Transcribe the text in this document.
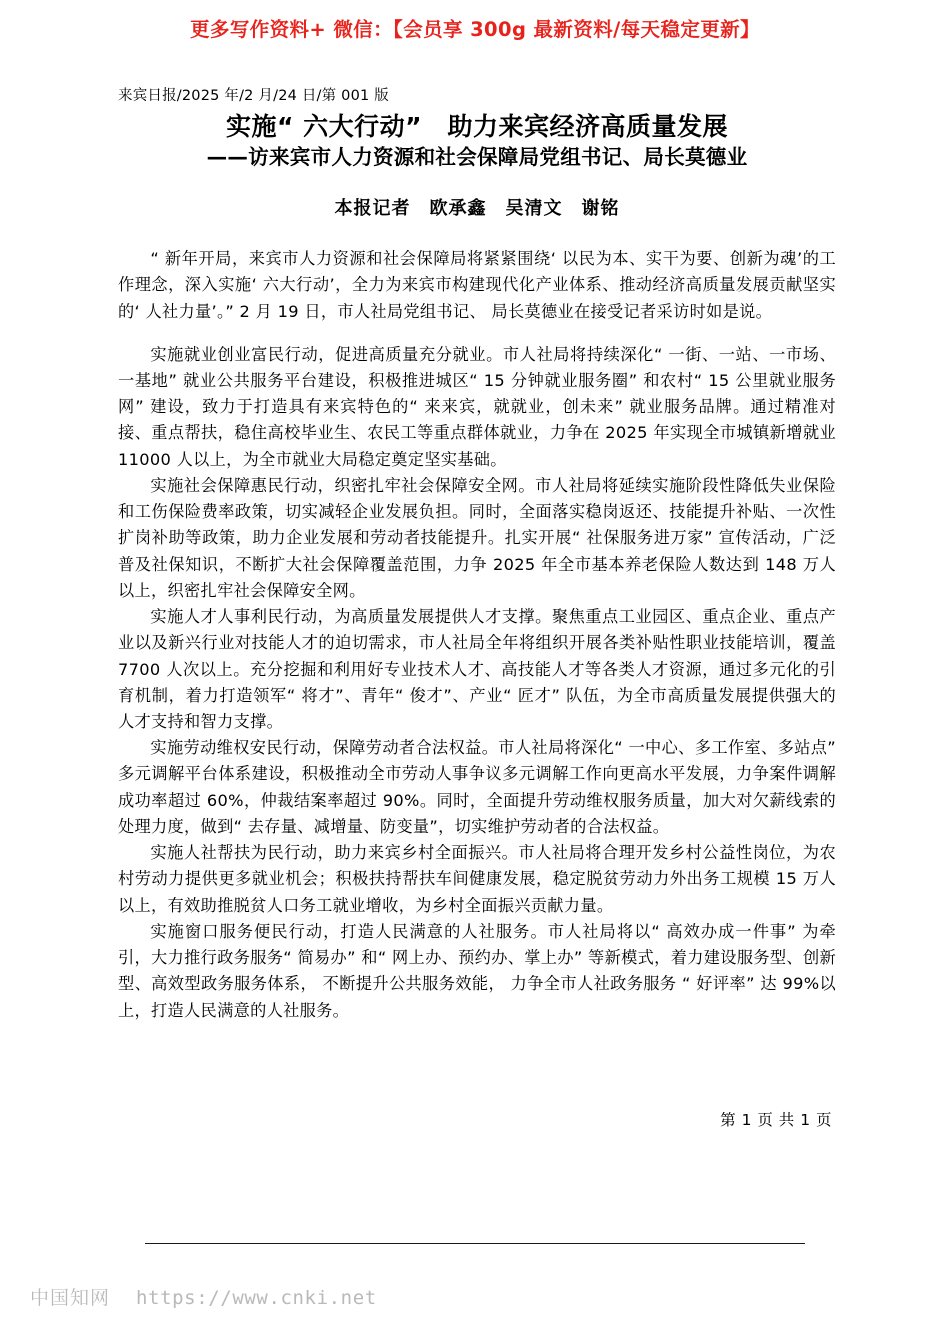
更多写作资料+ 微信：【会员享 300g 最新资料/每天稳定更新】
来宾日报/2025 年/2 月/24 日/第 001 版
实施“ 六大行动”　助力来宾经济高质量发展
——访来宾市人力资源和社会保障局党组书记、局长莫德业
本报记者　欧承鑫　吴清文　谢铭

“ 新年开局，来宾市人力资源和社会保障局将紧紧围绕‘ 以民为本、实干为要、创新为魂’的工作理念，深入实施‘ 六大行动’，全力为来宾市构建现代化产业体系、推动经济高质量发展贡献坚实的‘ 人社力量’。” 2 月 19 日，市人社局党组书记、 局长莫德业在接受记者采访时如是说。

实施就业创业富民行动，促进高质量充分就业。市人社局将持续深化“ 一街、一站、一市场、一基地” 就业公共服务平台建设，积极推进城区“ 15 分钟就业服务圈” 和农村“ 15 公里就业服务网” 建设，致力于打造具有来宾特色的“ 来来宾，就就业，创未来” 就业服务品牌。通过精准对接、重点帮扶，稳住高校毕业生、农民工等重点群体就业，力争在 2025 年实现全市城镇新增就业 11000 人以上，为全市就业大局稳定奠定坚实基础。

实施社会保障惠民行动，织密扎牢社会保障安全网。市人社局将延续实施阶段性降低失业保险和工伤保险费率政策，切实减轻企业发展负担。同时，全面落实稳岗返还、技能提升补贴、一次性扩岗补助等政策，助力企业发展和劳动者技能提升。扎实开展“ 社保服务进万家” 宣传活动，广泛普及社保知识，不断扩大社会保障覆盖范围，力争 2025 年全市基本养老保险人数达到 148 万人以上，织密扎牢社会保障安全网。

实施人才人事利民行动，为高质量发展提供人才支撑。聚焦重点工业园区、重点企业、重点产业以及新兴行业对技能人才的迫切需求，市人社局全年将组织开展各类补贴性职业技能培训，覆盖 7700 人次以上。充分挖掘和利用好专业技术人才、高技能人才等各类人才资源，通过多元化的引育机制，着力打造领军“ 将才”、青年“ 俊才”、产业“ 匠才” 队伍，为全市高质量发展提供强大的人才支持和智力支撑。

实施劳动维权安民行动，保障劳动者合法权益。市人社局将深化“ 一中心、多工作室、多站点” 多元调解平台体系建设，积极推动全市劳动人事争议多元调解工作向更高水平发展，力争案件调解成功率超过 60%，仲裁结案率超过 90%。同时，全面提升劳动维权服务质量，加大对欠薪线索的处理力度，做到“ 去存量、减增量、防变量”，切实维护劳动者的合法权益。

实施人社帮扶为民行动，助力来宾乡村全面振兴。市人社局将合理开发乡村公益性岗位，为农村劳动力提供更多就业机会；积极扶持帮扶车间健康发展，稳定脱贫劳动力外出务工规模 15 万人以上，有效助推脱贫人口务工就业增收，为乡村全面振兴贡献力量。

实施窗口服务便民行动，打造人民满意的人社服务。市人社局将以“ 高效办成一件事” 为牵引，大力推行政务服务“ 简易办” 和“ 网上办、预约办、掌上办” 等新模式，着力建设服务型、创新型、高效型政务服务体系， 不断提升公共服务效能， 力争全市人社政务服务 “ 好评率” 达 99%以上，打造人民满意的人社服务。

第 1 页 共 1 页
中国知网 https://www.cnki.net
